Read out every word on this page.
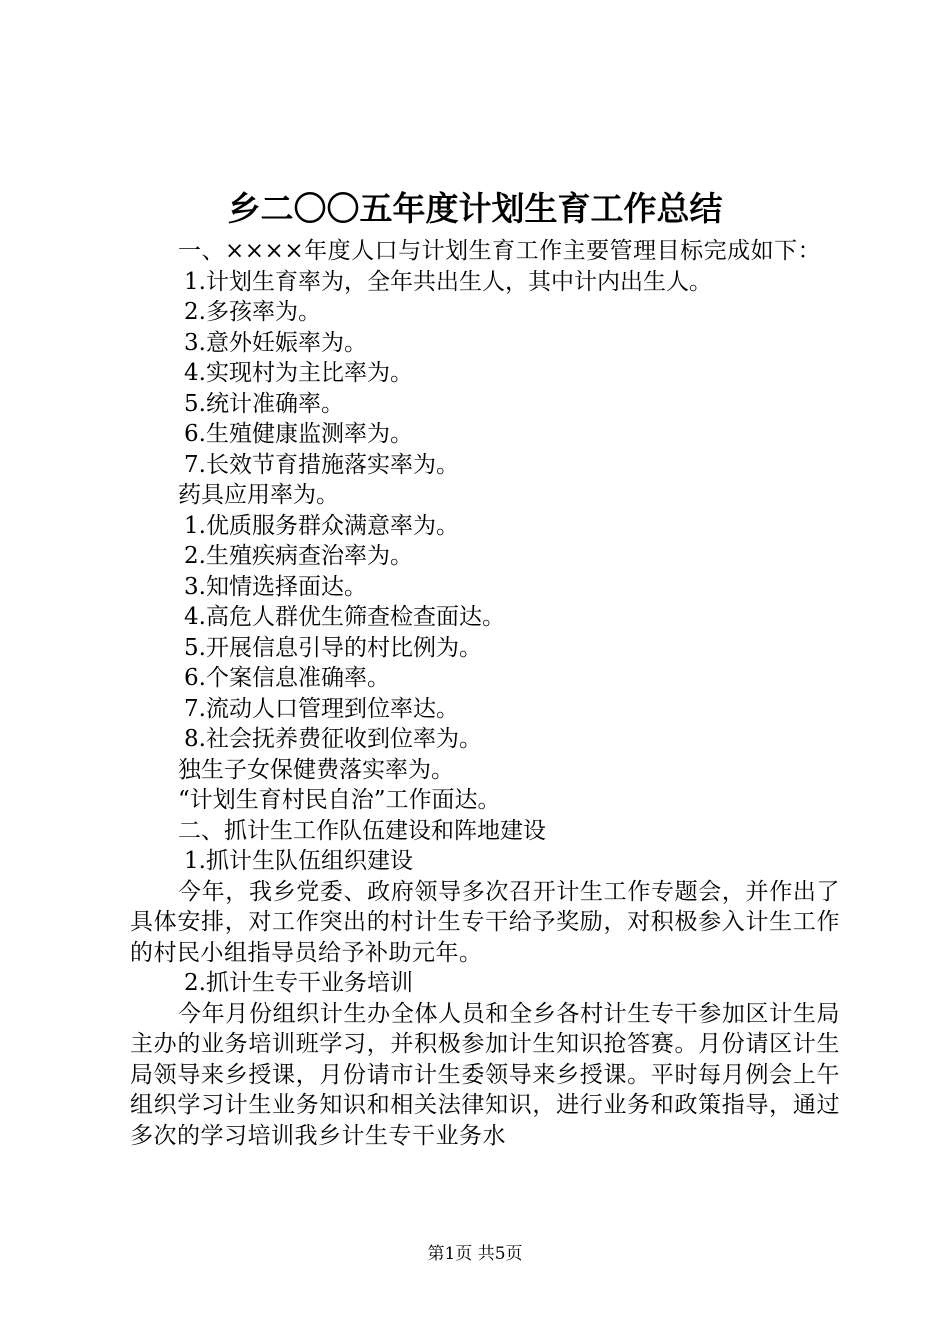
乡二〇〇五年度计划生育工作总结

一、××××年度人口与计划生育工作主要管理目标完成如下：

1.计划生育率为，全年共出生人，其中计内出生人。

2.多孩率为。

3.意外妊娠率为。

4.实现村为主比率为。

5.统计准确率。

6.生殖健康监测率为。

7.长效节育措施落实率为。

药具应用率为。

1.优质服务群众满意率为。

2.生殖疾病查治率为。

3.知情选择面达。

4.高危人群优生筛查检查面达。

5.开展信息引导的村比例为。

6.个案信息准确率。

7.流动人口管理到位率达。

8.社会抚养费征收到位率为。

独生子女保健费落实率为。

“计划生育村民自治”工作面达。

二、抓计生工作队伍建设和阵地建设

1.抓计生队伍组织建设

今年，我乡党委、政府领导多次召开计生工作专题会，并作出了具体安排，对工作突出的村计生专干给予奖励，对积极参入计生工作的村民小组指导员给予补助元年。

2.抓计生专干业务培训

今年月份组织计生办全体人员和全乡各村计生专干参加区计生局主办的业务培训班学习，并积极参加计生知识抢答赛。月份请区计生局领导来乡授课，月份请市计生委领导来乡授课。平时每月例会上午组织学习计生业务知识和相关法律知识，进行业务和政策指导，通过多次的学习培训我乡计生专干业务水

第1页 共5页
